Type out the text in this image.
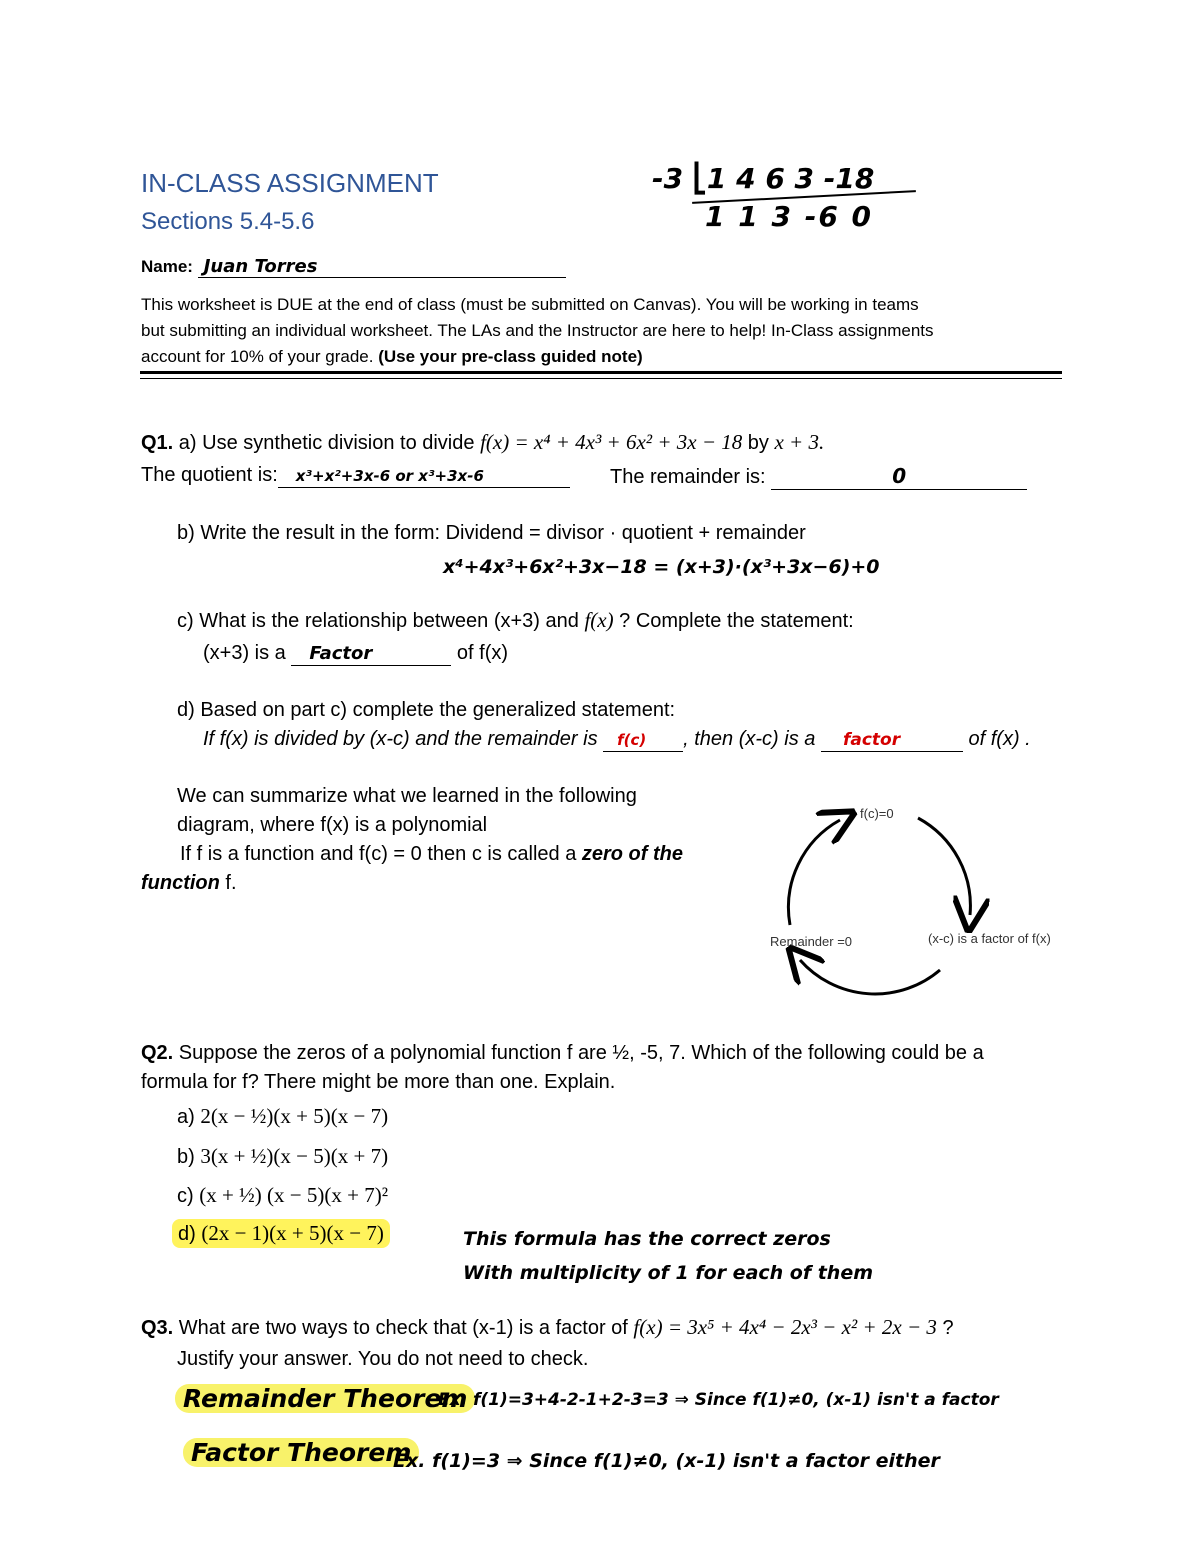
IN-CLASS ASSIGNMENT
Sections 5.4-5.6
-3 ⎣1 4 6 3 -18
1 1 3 -6 0
Name: Juan Torres
This worksheet is DUE at the end of class (must be submitted on Canvas). You will be working in teams
but submitting an individual worksheet. The LAs and the Instructor are here to help! In-Class assignments
account for 10% of your grade. (Use your pre-class guided note)
Q1. a) Use synthetic division to divide f(x) = x⁴ + 4x³ + 6x² + 3x − 18 by x + 3.
The quotient is: x³+x²+3x-6 or x³+3x-6	The remainder is:	0
b) Write the result in the form: Dividend = divisor · quotient + remainder
x⁴+4x³+6x²+3x−18 = (x+3)·(x³+3x−6)+0
c) What is the relationship between (x+3) and f(x) ? Complete the statement:
(x+3) is a Factor	of f(x)
d) Based on part c) complete the generalized statement:
If f(x) is divided by (x-c) and the remainder is f(c) , then (x-c) is a factor	of f(x) .
We can summarize what we learned in the following
diagram, where f(x) is a polynomial
If f is a function and f(c) = 0 then c is called a zero of the
function f.
f(c)=0
(x-c) is a factor of f(x)
Remainder =0
Q2. Suppose the zeros of a polynomial function f are ½, -5, 7. Which of the following could be a
formula for f? There might be more than one. Explain.
a) 2(x − ½)(x + 5)(x − 7)
b) 3(x + ½)(x − 5)(x + 7)
c) (x + ½) (x − 5)(x + 7)²
d) (2x − 1)(x + 5)(x − 7)	This formula has the correct zeros
With multiplicity of 1 for each of them
Q3. What are two ways to check that (x-1) is a factor of f(x) = 3x⁵ + 4x⁴ − 2x³ − x² + 2x − 3 ?
Justify your answer. You do not need to check.
Remainder Theorem
Ex. f(1)=3+4-2-1+2-3=3 ⇒ Since f(1)≠0, (x-1) isn't a factor
Factor Theorem
Ex. f(1)=3 ⇒ Since f(1)≠0, (x-1) isn't a factor either
